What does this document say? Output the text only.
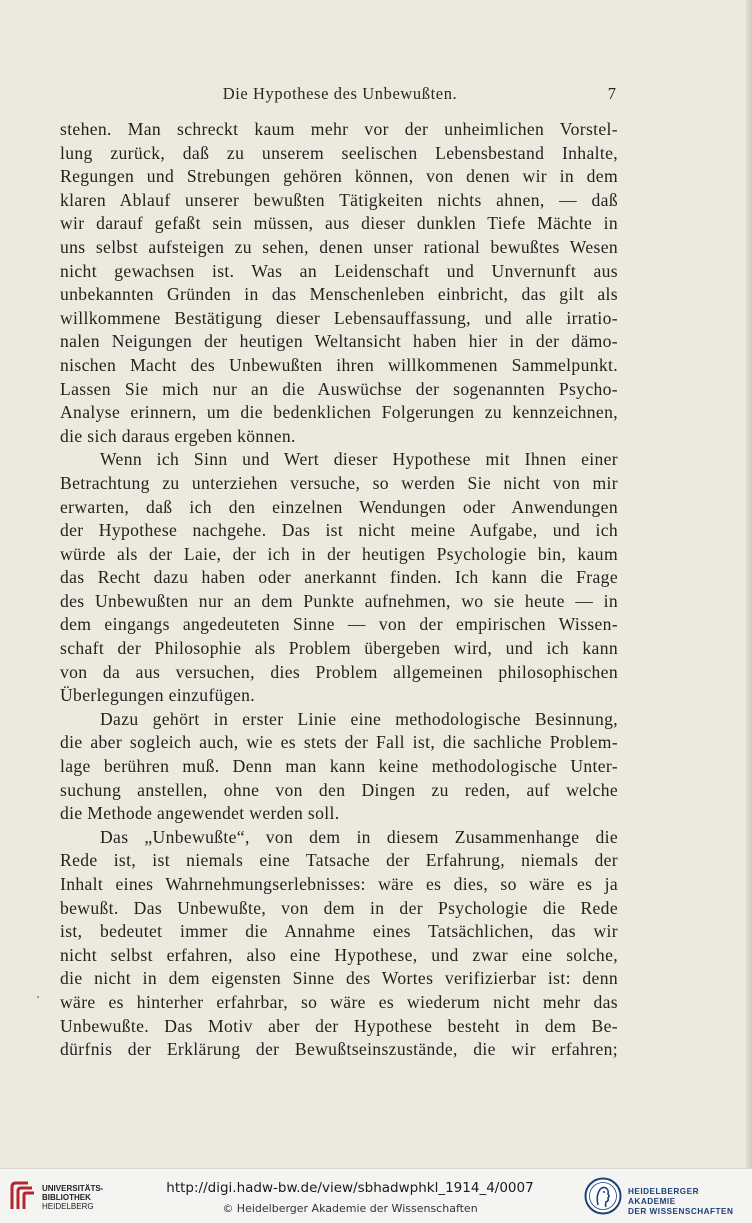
Die Hypothese des Unbewußten.	7
stehen. Man schreckt kaum mehr vor der unheimlichen Vorstel-
lung zurück, daß zu unserem seelischen Lebensbestand Inhalte,
Regungen und Strebungen gehören können, von denen wir in dem
klaren Ablauf unserer bewußten Tätigkeiten nichts ahnen, — daß
wir darauf gefaßt sein müssen, aus dieser dunklen Tiefe Mächte in
uns selbst aufsteigen zu sehen, denen unser rational bewußtes Wesen
nicht gewachsen ist. Was an Leidenschaft und Unvernunft aus
unbekannten Gründen in das Menschenleben einbricht, das gilt als
willkommene Bestätigung dieser Lebensauffassung, und alle irratio-
nalen Neigungen der heutigen Weltansicht haben hier in der dämo-
nischen Macht des Unbewußten ihren willkommenen Sammelpunkt.
Lassen Sie mich nur an die Auswüchse der sogenannten Psycho-
Analyse erinnern, um die bedenklichen Folgerungen zu kennzeichnen,
die sich daraus ergeben können.
Wenn ich Sinn und Wert dieser Hypothese mit Ihnen einer
Betrachtung zu unterziehen versuche, so werden Sie nicht von mir
erwarten, daß ich den einzelnen Wendungen oder Anwendungen
der Hypothese nachgehe. Das ist nicht meine Aufgabe, und ich
würde als der Laie, der ich in der heutigen Psychologie bin, kaum
das Recht dazu haben oder anerkannt finden. Ich kann die Frage
des Unbewußten nur an dem Punkte aufnehmen, wo sie heute — in
dem eingangs angedeuteten Sinne — von der empirischen Wissen-
schaft der Philosophie als Problem übergeben wird, und ich kann
von da aus versuchen, dies Problem allgemeinen philosophischen
Überlegungen einzufügen.
Dazu gehört in erster Linie eine methodologische Besinnung,
die aber sogleich auch, wie es stets der Fall ist, die sachliche Problem-
lage berühren muß. Denn man kann keine methodologische Unter-
suchung anstellen, ohne von den Dingen zu reden, auf welche
die Methode angewendet werden soll.
Das „Unbewußte“, von dem in diesem Zusammenhange die
Rede ist, ist niemals eine Tatsache der Erfahrung, niemals der
Inhalt eines Wahrnehmungserlebnisses: wäre es dies, so wäre es ja
bewußt. Das Unbewußte, von dem in der Psychologie die Rede
ist, bedeutet immer die Annahme eines Tatsächlichen, das wir
nicht selbst erfahren, also eine Hypothese, und zwar eine solche,
die nicht in dem eigensten Sinne des Wortes verifizierbar ist: denn
wäre es hinterher erfahrbar, so wäre es wiederum nicht mehr das
Unbewußte. Das Motiv aber der Hypothese besteht in dem Be-
dürfnis der Erklärung der Bewußtseinszustände, die wir erfahren;
UNIVERSITÄTS-
BIBLIOTHEK
HEIDELBERG
http://digi.hadw-bw.de/view/sbhadwphkl_1914_4/0007
© Heidelberger Akademie der Wissenschaften
HEIDELBERGER AKADEMIE
DER WISSENSCHAFTEN
